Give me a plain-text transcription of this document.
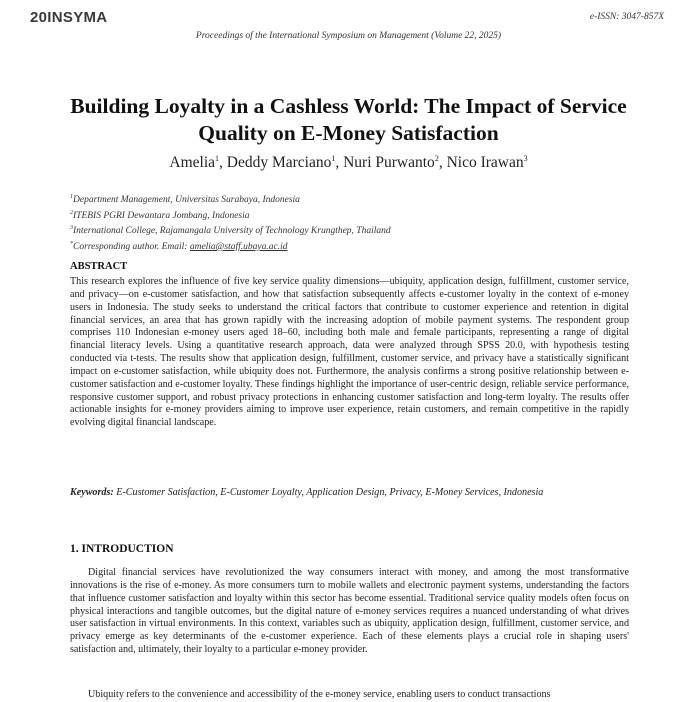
20INSYMA	e-ISSN: 3047-857X
Proceedings of the International Symposium on Management (Volume 22, 2025)
Building Loyalty in a Cashless World: The Impact of Service Quality on E-Money Satisfaction
Amelia$^1$, Deddy Marciano$^1$, Nuri Purwanto$^2$, Nico Irawan$^3$
$^1$Department Management, Universitas Surabaya, Indonesia
$^2$ITEBIS PGRI Dewantara Jombang, Indonesia
$^3$International College, Rajamangala University of Technology Krungthep, Thailand
*Corresponding author. Email: amelia@staff.ubaya.ac.id
ABSTRACT
This research explores the influence of five key service quality dimensions—ubiquity, application design, fulfillment, customer service, and privacy—on e-customer satisfaction, and how that satisfaction subsequently affects e-customer loyalty in the context of e-money users in Indonesia. The study seeks to understand the critical factors that contribute to customer experience and retention in digital financial services, an area that has grown rapidly with the increasing adoption of mobile payment systems. The respondent group comprises 110 Indonesian e-money users aged 18–60, including both male and female participants, representing a range of digital financial literacy levels. Using a quantitative research approach, data were analyzed through SPSS 20.0, with hypothesis testing conducted via t-tests. The results show that application design, fulfillment, customer service, and privacy have a statistically significant impact on e-customer satisfaction, while ubiquity does not. Furthermore, the analysis confirms a strong positive relationship between e-customer satisfaction and e-customer loyalty. These findings highlight the importance of user-centric design, reliable service performance, responsive customer support, and robust privacy protections in enhancing customer satisfaction and long-term loyalty. The results offer actionable insights for e-money providers aiming to improve user experience, retain customers, and remain competitive in the rapidly evolving digital financial landscape.
Keywords: E-Customer Satisfaction, E-Customer Loyalty, Application Design, Privacy, E-Money Services, Indonesia
1. INTRODUCTION
Digital financial services have revolutionized the way consumers interact with money, and among the most transformative innovations is the rise of e-money. As more consumers turn to mobile wallets and electronic payment systems, understanding the factors that influence customer satisfaction and loyalty within this sector has become essential. Traditional service quality models often focus on physical interactions and tangible outcomes, but the digital nature of e-money services requires a nuanced understanding of what drives user satisfaction in virtual environments. In this context, variables such as ubiquity, application design, fulfillment, customer service, and privacy emerge as key determinants of the e-customer experience. Each of these elements plays a crucial role in shaping users' satisfaction and, ultimately, their loyalty to a particular e-money provider.
Ubiquity refers to the convenience and accessibility of the e-money service, enabling users to conduct transactions
